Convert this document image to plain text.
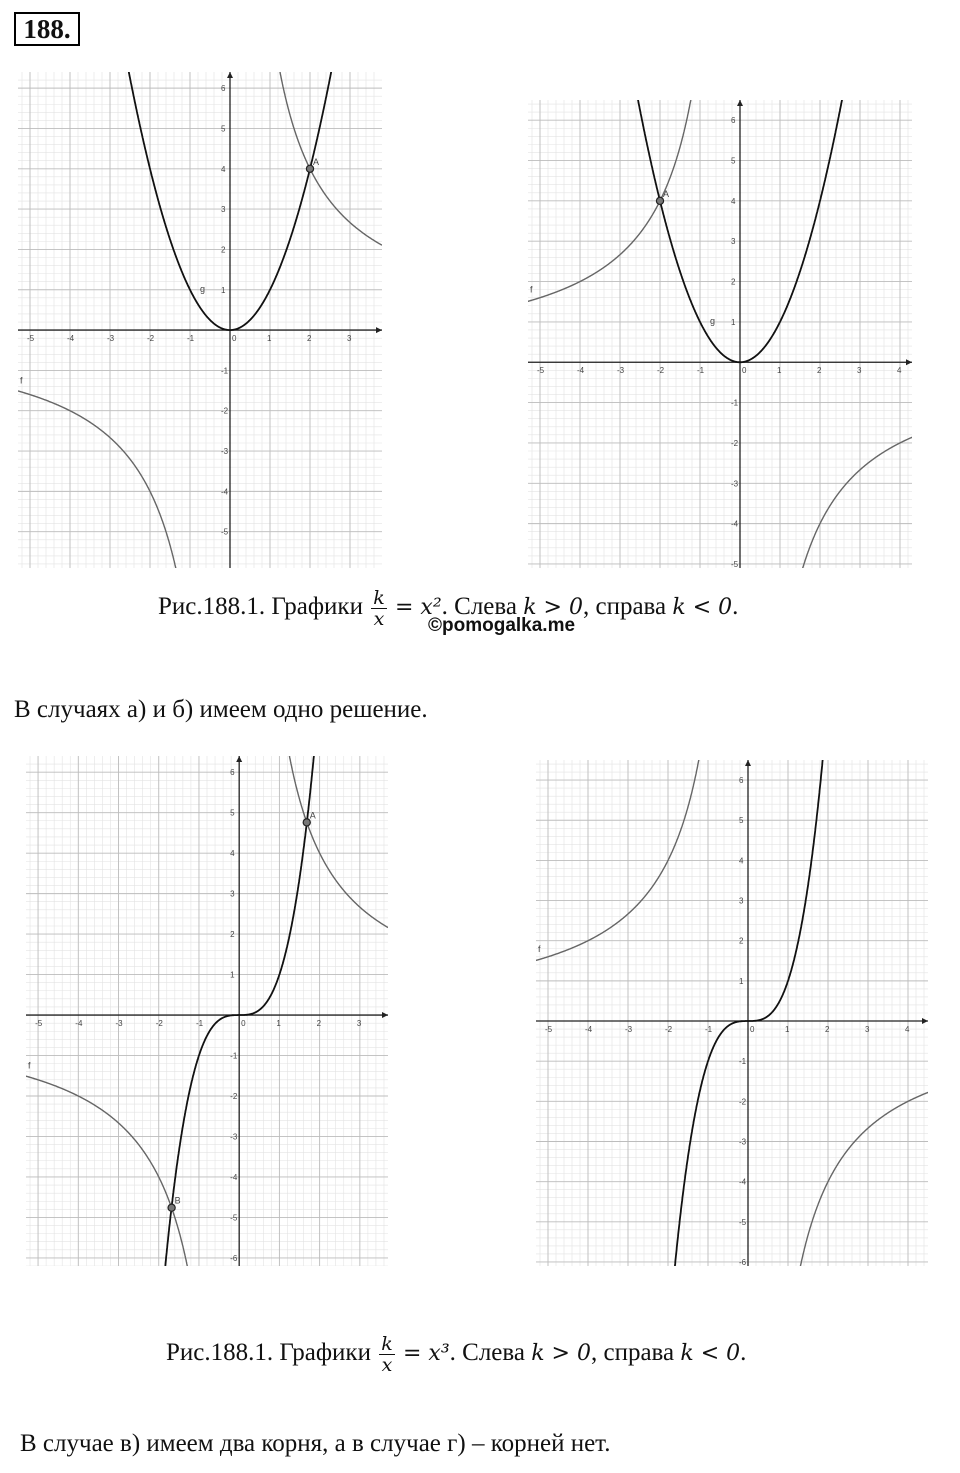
188.
-5	-4	-3	-2	-1	0	1	2	3
-5
-4
-3
-2
-1
1
2
3
4
5
6
f
g
A
-5	-4	-3	-2	-1	0	1	2	3	4
-5
-4
-3
-2
-1
1
2
3
4
5
6
f
g
A
Рис.188.1. Графики $\frac{k}{x} = x^2$. Слева k > 0, справа k < 0.
©pomogalka.me
В случаях а) и б) имеем одно решение.
-5	-4	-3	-2	-1	0	1	2	3
-6
-5
-4
-3
-2
-1
1
2
3
4
5
6
f
A
B
-5	-4	-3	-2	-1	0	1	2	3	4
-6
-5
-4
-3
-2
-1
1
2
3
4
5
6
f
Рис.188.1. Графики $\frac{k}{x} = x^3$. Слева k > 0, справа k < 0.
В случае в) имеем два корня, а в случае г) – корней нет.
